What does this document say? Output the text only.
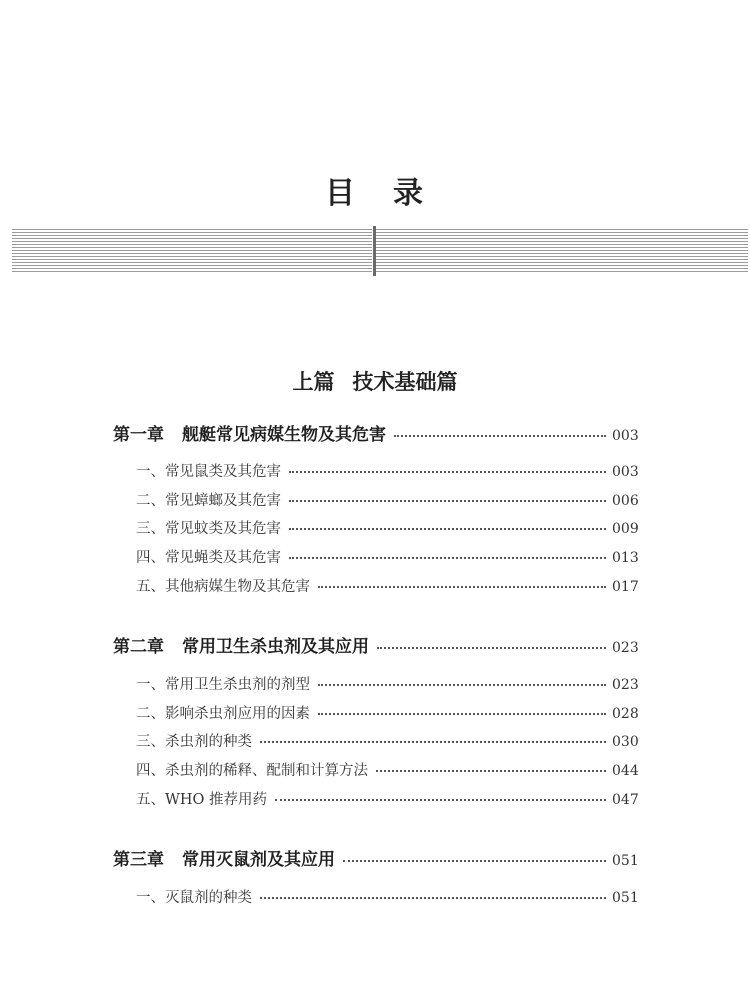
目 录
上篇 技术基础篇
第一章 舰艇常见病媒生物及其危害	003
一、常见鼠类及其危害	003
二、常见蟑螂及其危害	006
三、常见蚊类及其危害	009
四、常见蝇类及其危害	013
五、其他病媒生物及其危害	017
第二章 常用卫生杀虫剂及其应用	023
一、常用卫生杀虫剂的剂型	023
二、影响杀虫剂应用的因素	028
三、杀虫剂的种类	030
四、杀虫剂的稀释、配制和计算方法	044
五、WHO 推荐用药	047
第三章 常用灭鼠剂及其应用	051
一、灭鼠剂的种类	051
